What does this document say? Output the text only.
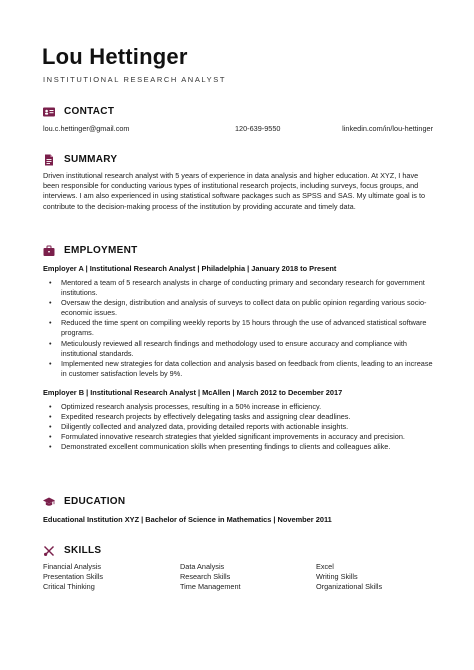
Lou Hettinger
INSTITUTIONAL RESEARCH ANALYST
CONTACT
lou.c.hettinger@gmail.com	120-639-9550	linkedin.com/in/lou-hettinger
SUMMARY
Driven institutional research analyst with 5 years of experience in data analysis and higher education. At XYZ, I have been responsible for conducting various types of institutional research projects, including surveys, focus groups, and interviews. I am also experienced in using statistical software packages such as SPSS and SAS. My ultimate goal is to contribute to the decision-making process of the institution by providing accurate and timely data.
EMPLOYMENT
Employer A | Institutional Research Analyst | Philadelphia | January 2018 to Present
• Mentored a team of 5 research analysts in charge of conducting primary and secondary research for government institutions.
• Oversaw the design, distribution and analysis of surveys to collect data on public opinion regarding various socio-economic issues.
• Reduced the time spent on compiling weekly reports by 15 hours through the use of advanced statistical software programs.
• Meticulously reviewed all research findings and methodology used to ensure accuracy and compliance with institutional standards.
• Implemented new strategies for data collection and analysis based on feedback from clients, leading to an increase in customer satisfaction levels by 9%.
Employer B | Institutional Research Analyst | McAllen | March 2012 to December 2017
• Optimized research analysis processes, resulting in a 50% increase in efficiency.
• Expedited research projects by effectively delegating tasks and assigning clear deadlines.
• Diligently collected and analyzed data, providing detailed reports with actionable insights.
• Formulated innovative research strategies that yielded significant improvements in accuracy and precision.
• Demonstrated excellent communication skills when presenting findings to clients and colleagues alike.
EDUCATION
Educational Institution XYZ | Bachelor of Science in Mathematics | November 2011
SKILLS
Financial Analysis
Presentation Skills
Critical Thinking
Data Analysis
Research Skills
Time Management
Excel
Writing Skills
Organizational Skills
